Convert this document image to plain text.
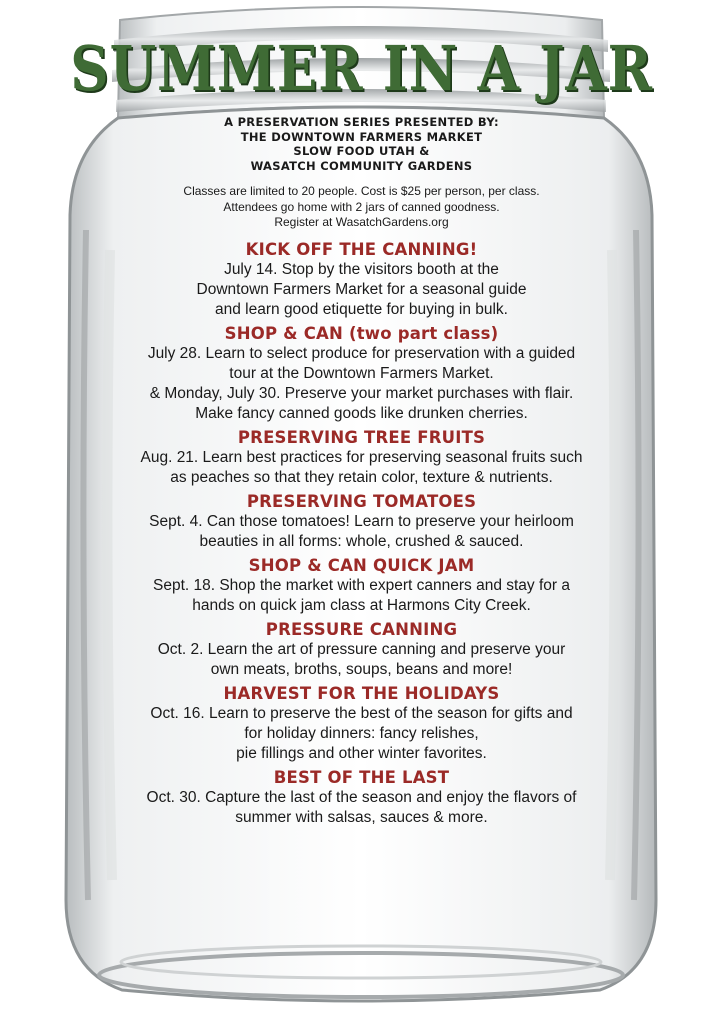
SUMMER IN A JAR
A PRESERVATION SERIES PRESENTED BY:
THE DOWNTOWN FARMERS MARKET
SLOW FOOD UTAH &
WASATCH COMMUNITY GARDENS
Classes are limited to 20 people. Cost is $25 per person, per class.
Attendees go home with 2 jars of canned goodness.
Register at WasatchGardens.org
KICK OFF THE CANNING!
July 14. Stop by the visitors booth at the
Downtown Farmers Market for a seasonal guide
and learn good etiquette for buying in bulk.
SHOP & CAN (two part class)
July 28. Learn to select produce for preservation with a guided
tour at the Downtown Farmers Market.
& Monday, July 30. Preserve your market purchases with flair.
Make fancy canned goods like drunken cherries.
PRESERVING TREE FRUITS
Aug. 21. Learn best practices for preserving seasonal fruits such
as peaches so that they retain color, texture & nutrients.
PRESERVING TOMATOES
Sept. 4. Can those tomatoes! Learn to preserve your heirloom
beauties in all forms: whole, crushed & sauced.
SHOP & CAN QUICK JAM
Sept. 18. Shop the market with expert canners and stay for a
hands on quick jam class at Harmons City Creek.
PRESSURE CANNING
Oct. 2. Learn the art of pressure canning and preserve your
own meats, broths, soups, beans and more!
HARVEST FOR THE HOLIDAYS
Oct. 16. Learn to preserve the best of the season for gifts and
for holiday dinners: fancy relishes,
pie fillings and other winter favorites.
BEST OF THE LAST
Oct. 30. Capture the last of the season and enjoy the flavors of
summer with salsas, sauces & more.
